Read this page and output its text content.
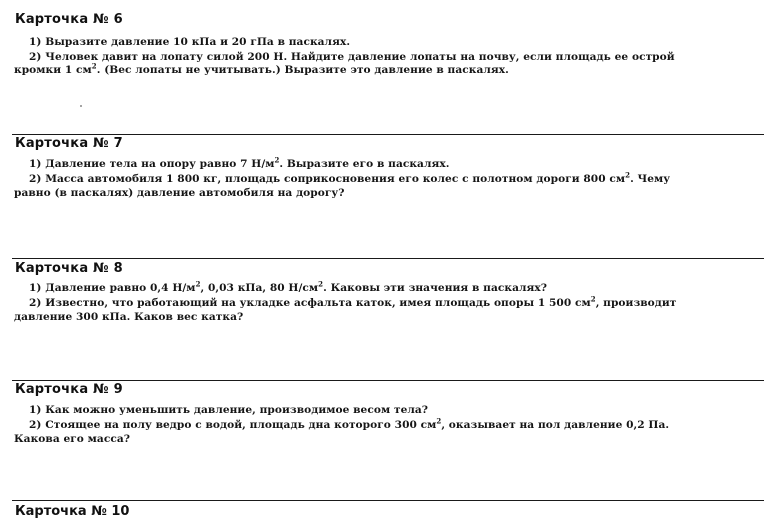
Карточка № 6
1) Выразите давление 10 кПа и 20 гПа в паскалях.
2) Человек давит на лопату силой 200 Н. Найдите давление лопаты на почву, если площадь ее острой
кромки 1 $см^2$. (Вес лопаты не учитывать.) Выразите это давление в паскалях.
Карточка № 7
1) Давление тела на опору равно 7 $Н/м^2$. Выразите его в паскалях.
2) Масса автомобиля 1 800 кг, площадь соприкосновения его колес с полотном дороги 800 $см^2$. Чему
равно (в паскалях) давление автомобиля на дорогу?
Карточка № 8
1) Давление равно 0,4 $Н/м^2$, 0,03 кПа, 80 $Н/см^2$. Каковы эти значения в паскалях?
2) Известно, что работающий на укладке асфальта каток, имея площадь опоры 1 500 $см^2$, производит
давление 300 кПа. Каков вес катка?
Карточка № 9
1) Как можно уменьшить давление, производимое весом тела?
2) Стоящее на полу ведро с водой, площадь дна которого 300 $см^2$, оказывает на пол давление 0,2 Па.
Какова его масса?
Карточка № 10
